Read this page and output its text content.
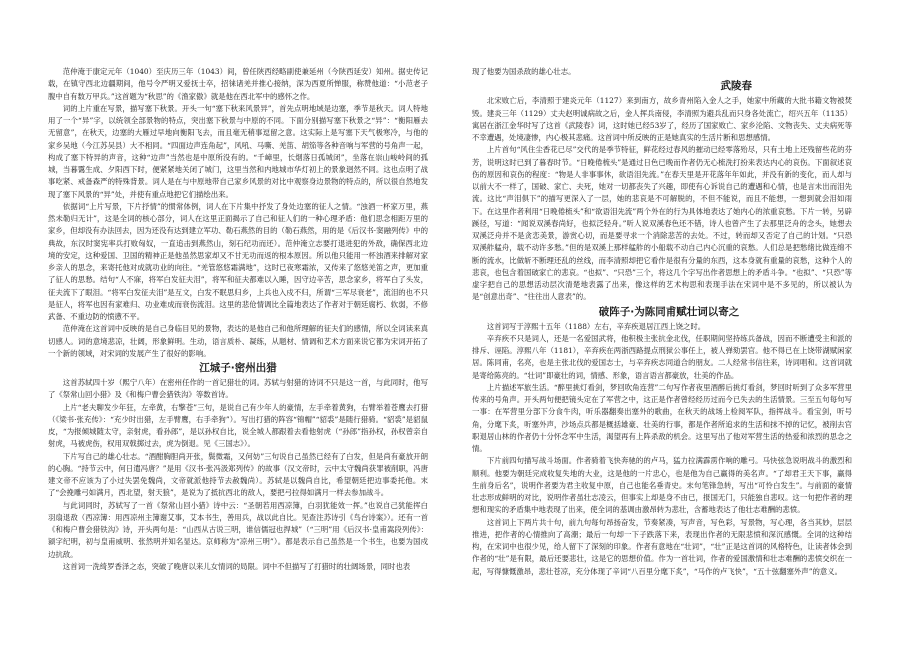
范仲淹于康定元年（1040）至庆历三年（1043）间，曾任陕西经略副使兼延州（今陕西延安）知州。据史传记载，在镇守西北边疆期间，他号令严明又爱抚士卒，招徕诸羌并推心接纳，深为西夏所惮服，称赞他道：“小范老子腹中自有数万甲兵。”这首题为“秋思”的《渔家傲》就是他在西北军中的感怀之作。

词的上片重在写景，描写塞下秋景。开头一句“塞下秋来风景异”，首先点明地域是边塞，季节是秋天。词人特地用了一个“异”字，以统领全部景物的特点，突出塞下秋景与中原的不同。下面分别描写塞下秋景之“异”：“衡阳雁去无留意”，在秋天，边塞的大雁过早地向衡阳飞去，而且毫无稍事逗留之意。这实际上是写塞下天气极寒冷，与他的家乡吴地（今江苏吴县）大不相同。“四面边声连角起”，风吼、马嘶、羌笛、胡笳等各种音响与军营的号角声一起，构成了塞下特异的声音，这种“边声”当然也是中原所没有的。“千嶂里，长烟落日孤城闭”，坐落在崇山峻岭间的孤城，当暮霭生成、夕阳西下时，便紧紧地关闭了城门，这里当然和内地城市华灯初上的景象迥然不同。这也点明了战事吃紧、戒备森严的特殊背景。词人是在与中原地带自己家乡风景的对比中观察身边景物的特点的，所以很自然地发现了塞下风景的“异”处，并使有重点地把它们描绘出来。

依据词“上片写景，下片抒情”的惯常体例，词人在下片集中抒发了身处边塞的征人之情。“浊酒一杯家万里，燕然未勒归无计”，这是全词的核心部分，词人在这里正面揭示了自己和征人们的一种心理矛盾：他们思念相距万里的家乡，但却没有办法回去，因为还没有达到建立军功、勒石燕然的目的（勒石燕然，用的是《后汉书·窦融列传》中的典故，东汉时窦宪率兵打败匈奴，一直追击到燕然山，刻石纪功而还）。范仲淹立志要打退进犯的外敌，确保西北边境的安定，这种爱国、卫国的精神正是他虽然思家却又不甘无功而返的根本原因。所以他只能用一杯浊酒来排解对家乡亲人的思念，来寄托他对成就功业的向往。“羌管悠悠霜满地”，这时已夜寒霜浓，又传来了悠悠羌笛之声，更加重了征人的思愁。结句“人不寐，将军白发征夫泪”，将军和征夫都难以入睡，因守边辛苦，思念家乡，将军白了头发，征夫流下了眼泪。“将军白发征夫泪”是互文，白发不眠思归乡，上兵也入戍不归，所谓“三军尽衰老”，流泪的也不只是征人，将军也因有家难归、功业难成而衰伤流泪。这里的悲伧情调比全篇地表达了作者对于朝廷腐朽、软弱，不修武备、不重边防的愤懑不平。

范仲淹在这首词中反映的是自己身临目见的景物，表达的是他自己和他所理解的征夫们的感情，所以全词读来真切感人。词的意境悲凉，壮阔，形象鲜明。生动，语言质朴、凝练，从题材、情调和艺术方面来说它都为宋词开拓了一个新的领域，对宋词的发展产生了很好的影响。

江城子·密州出猎

这首苏轼四十岁（熙宁八年）在密州任作的一首记猎壮的词。苏轼与射猎的诗词不只是这一首，与此同时，他写了《祭常山回小猎》及《和梅户曹会猎铁沟》等数首诗。

上片“老夫聊发少年狂，左牵黄，右擎苍”三句，是说自己有少年人的豪情，左手牵着黄狗，右臂举着苍鹰去打猎（《梁书·张充传》：“充少时出猎，左手臂鹰，右手牵狗”）。写出打猎的阵容“锦帽”“貂裘”是随行猎骑。“貂裘”是貂鼠皮，“为报倾城随太守，亲射虎，看孙郎”，是以孙权自比，说全城人都跟着去看他射虎（“孙郎”指孙权，孙权曾亲自射虎，马被虎伤，权用双戟掷过去，虎为倒退。见《三国志》）。

下片写自己的雄心壮志。“酒酣胸胆尚开张，鬓微霜，又何妨”三句说自己虽然已经有了白发，但是尚有豪放开朗的心胸。“持节云中，何日遣冯唐？”是用《汉书·张冯汲郑列传》的故事（汉文帝时，云中太守魏尚获罪被削职，冯唐建文帝不应该为了小过失罢免魏尚，文帝就派他持节去赦魏尚）。苏轼是以魏尚自比，希望朝廷把边事委托他。末了“会挽雕弓如满月，西北望，射天狼”，是说为了抵抗西北的敌人，要把弓拉得如满月一样去参加战斗。

与此词同时，苏轼写了一首《祭常山回小猎》诗中云：“圣朝若用西凉簿，白羽犹能效一挥。”也说自己犹能挥白羽扇退敌（西凉簿：用西凉州主簿谢艾事，艾本书生，善用兵，战以此自比。见查注苏诗引《鸟台诗案》）。还有一首《和梅户曹会猎铁沟》诗，开头两句是：“山西从古说三明，谁信儒冠也捍城”（“三明”用《后汉书·皇甫嵩段列传》：颍字纪明，初与皇甫威明、张然明并知名显达。京师称为“凉州三明”）。都是表示自己虽然是一个书生，也要为国戍边抗敌。

这首词一洗绮罗香泽之态，突破了晚唐以来儿女情词的局限。词中不但描写了打猎时的壮阔场景，同时也表

现了他要为国杀敌的雄心壮志。

武陵春

北宋败亡后，李清照于建炎元年（1127）来到南方，故乡青州陷入金人之手，她家中所藏的大批书籍文物被焚毁。建炎三年（1129）丈夫赵明诚病故之后，金人挥兵南侵，李清照为避兵乱而只身各处流亡，绍兴五年（1135）寓居在浙江金华时写了这首《武陵春》词，这时她已经53岁了，经历了国家败亡、家乡沦陷、文物丧失、丈夫病死等不幸遭遇，处境凄惨，内心极其悲痛。这首词中所反映的正是她真实的生活片断和思想感情。

上片首句“风住尘香花已尽”交代的是季节特征，鲜花经过春风的摧动已经零落殆尽，只有土地上还残留些花的芬芳，说明这时已到了暮春时节。“日晚倦梳头”是通过日色已晚而作者仍无心梳洗打扮来表达内心的哀伤。下面叙述哀伤的原因和哀伤的程度：“物是人非事事休，欲语泪先流。”在春天里是开花落年年如此，并没有新的变化，而人却与以前大不一样了，国破、家亡、夫死，她对一切都丧失了兴趣，即使有心诉说自己的遭遇和心情，也是言未出而泪先流。这比“声泪俱下”的描写更深入了一层，她的悲哀是不可解脱的，不但不能说，而且不能想，一想到就会泪如雨下。在这里作者利用“日晚倦梳头”和“欲语泪先流”两个外在的行为具体地表达了她内心的浓重哀愁。下片一转，另辟蹊径，写道：“闻说双溪春尚好，也拟泛轻舟。”听人说双溪春色还不错，诗人也曾产生了去那里泛舟的念头，她想去双溪泛舟并不是贪恋美景，游赏心切，而是要寻求一个消除悲苦的去处。不过，转而却又否定了自己的计划。“只恐双溪舴艋舟，载不动许多愁。”但的是双溪上那样艋舴的小船载不动自己内心沉重的哀愁。人们总是把愁绪比做连绵不断的流水，比做斩不断理还乱的丝线，而李清照却把它看作是很有分量的东西，这本身就有重量的哀愁，这种个人的悲哀，也包含着国破家亡的悲哀。“也拟”、“只恐”三个，将这几个字写出作者思想上的矛盾斗争。“也拟”、“只恐”等虚字把自己的思想活动层次清楚地表露了出来，像这样的艺术构思和表现手法在宋词中是不多见的，所以被认为是“创意出奇”、“往往出人意表”的。

破阵子·为陈同甫赋壮词以寄之

这首词写于淳熙十五年（1188）左右，辛弃疾退居江西上饶之时。

辛弃疾不只是词人，还是一名爱国武将，他积极主张抗金北伐，任职期间坚持练兵备战，因而不断遭受主和派的排斥、诬陷。淳熙八年（1181），辛弃疾在两浙西路提点刑狱公事任上，被人弹劾罢官。他不得已在上饶带湖赋闲家居。陈同甫，名亮，也是主张北伐的爱国志士，与辛弃疾志同道合的朋友。二人经常书信往来，诗词唱和。这首词就是寄给陈亮的。“壮词”即豪壮的词，情感、形象，语言语言都豪放，壮美的作品。

上片描述军旅生活。“醉里挑灯看剑，梦回吹角连营”二句写作者夜里酒醉后挑灯看剑，梦回时听到了众多军营里传来的号角声。开头两句便把镜头定在了军营之中，这正是作者曾经经历过而今已失去的生活情景。三至五句每句写一事：在军营里分部下分食牛肉，听乐器翻奏出塞外的歌曲，在秋天的战场上检阅军队，指挥战斗。看宝剑，听号角，分麾下炙，听塞外声，沙场点兵都是概括雄豪、壮美的行事，都是作者所追求的生活和抹不掉的记忆，被削去官职退居山林的作者仍十分怀念军中生活，渴望再有上阵杀敌的机会。这里写出了他对军营生活的热爱和浓烈的思念之情。

下片前四句描写战斗场面。作者骑着飞快奔驰的的卢马，猛力拉满霹雳作响的雕弓。马快弦急说明战斗的激烈和顺利。他要为朝廷完成收复失地的大业，这是他的一片忠心，也是他为自己赢得的美名声。“了却君王天下事，赢得生前身后名”，说明作者要为君主收复中原，自己也能名垂青史。末句笔锋急转，写出“可怜白发生”。与前面的豪情壮志形成鲜明的对比，说明作者虽壮志凌云，但事实上却是身不由已，报国无门，只能独自悲叹。这一句把作者的理想和现实的矛盾集中地表现了出来，使全词的基调由激昂转为悲壮，含蓄地表达了他壮志难酬的悲愤。

这首词上下两片共十句，前九句每句昂扬奋发，节奏紧凑，写声音，写色彩，写景物，写心理，各当其妙，层层推进，把作者的心情推向了高潮；最后一句却一下子跌落下来，表现出作者的无限悲愤和深沉感慨。全词的这种结构，在宋词中也很少见，给人留下了深刻的印象。作者有意地在“壮词”，“壮”正是这首词的风格特色，让读者体会到作者的“壮”是有限，最后还要悲壮，这是它的思想价值。作为一首壮词，作者的爱国激情和壮志难酬的悲愤交织在一起，写得慷慨激昂，悲壮苍凉，充分体现了辛词“八百里分麾下炙”，“马作的卢飞快”，“五十弦翻塞外声”的意义。
